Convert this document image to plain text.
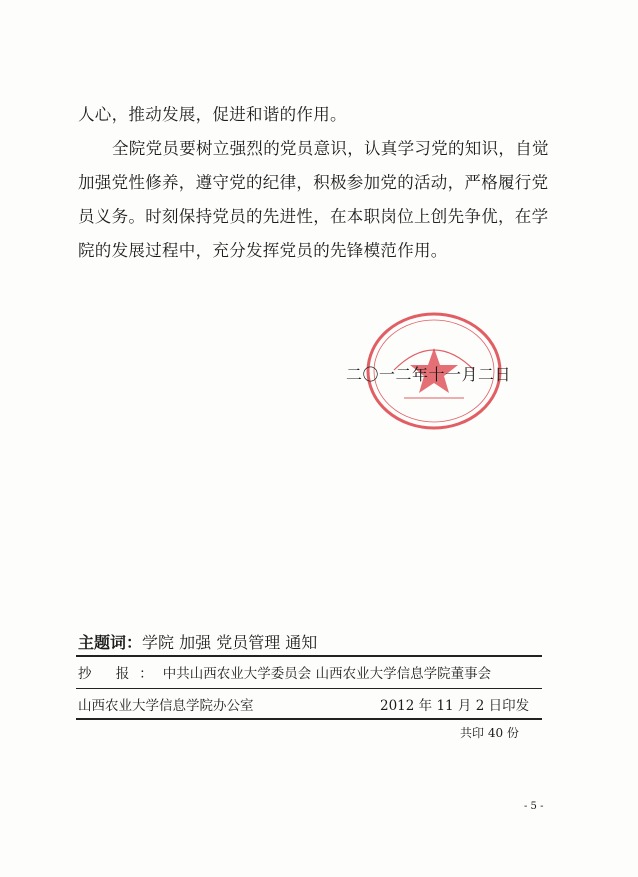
人心，推动发展，促进和谐的作用。

全院党员要树立强烈的党员意识，认真学习党的知识，自觉加强党性修养，遵守党的纪律，积极参加党的活动，严格履行党员义务。时刻保持党员的先进性，在本职岗位上创先争优，在学院的发展过程中，充分发挥党员的先锋模范作用。

二〇一二年十一月二日
主题词：学院 加强 党员管理 通知
抄 报：中共山西农业大学委员会 山西农业大学信息学院董事会
山西农业大学信息学院办公室	2012 年 11 月 2 日印发
共印 40 份
- 5 -
